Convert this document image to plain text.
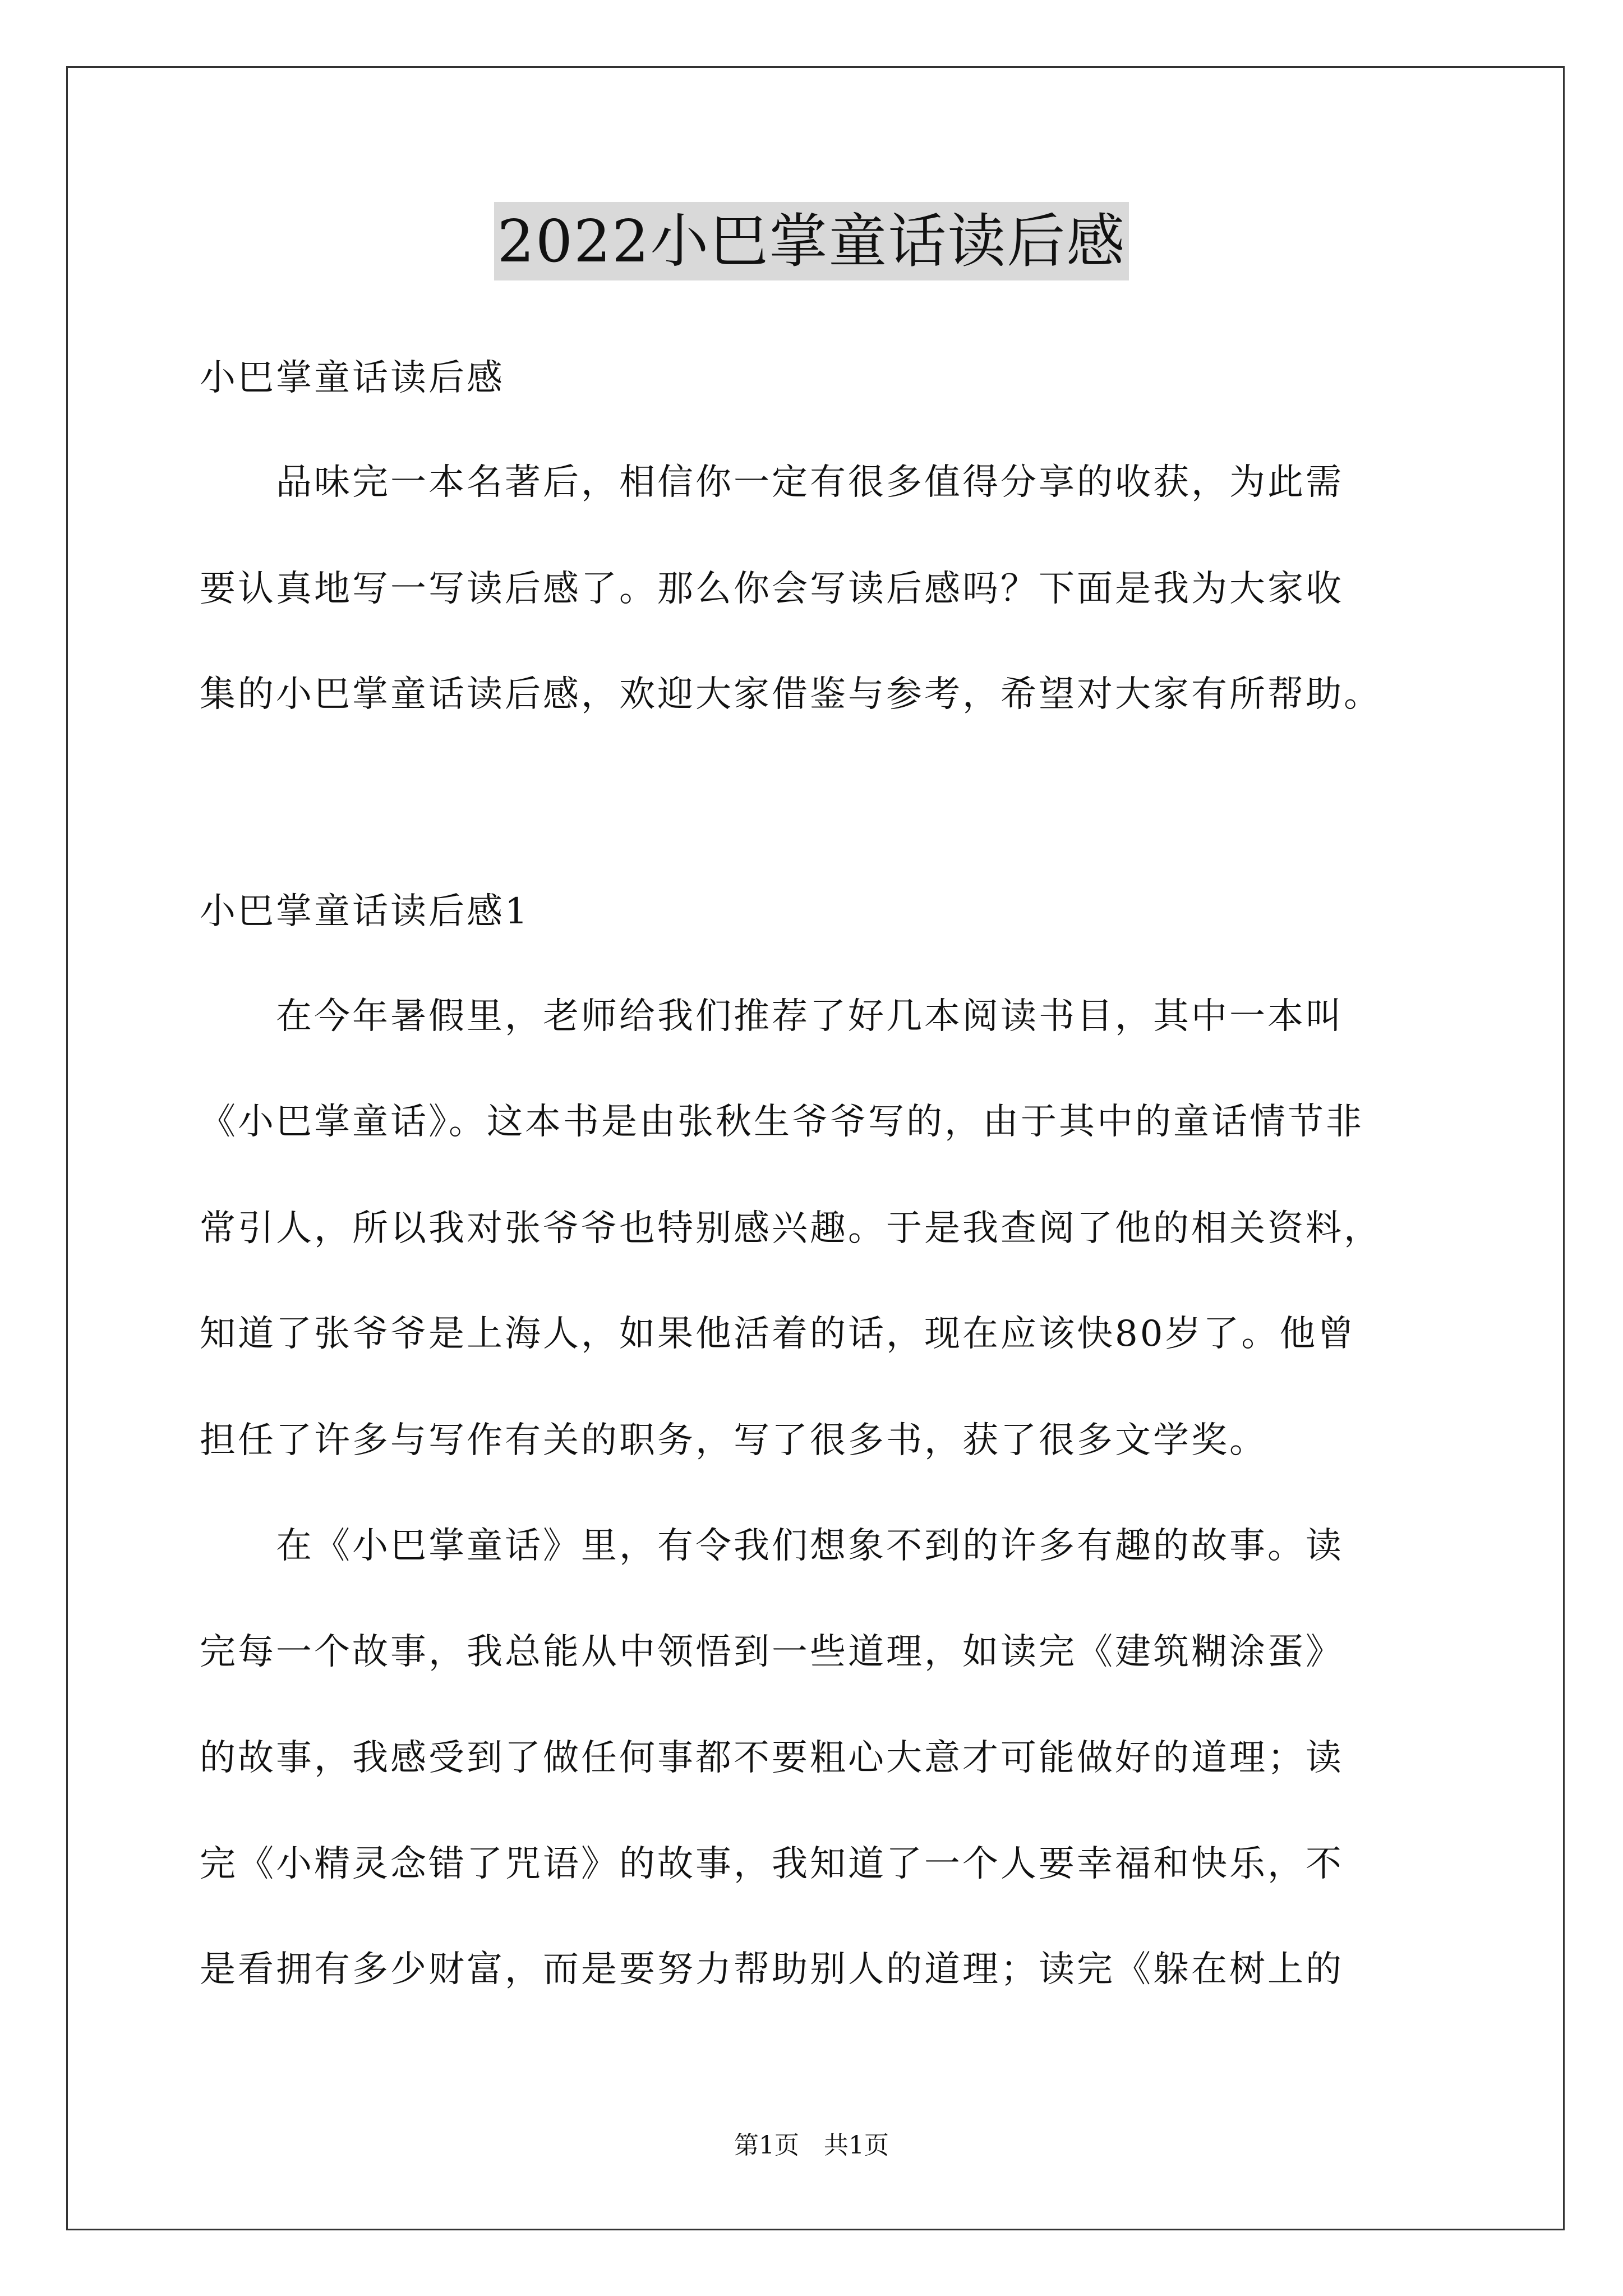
2022小巴掌童话读后感
小巴掌童话读后感
　　品味完一本名著后，相信你一定有很多值得分享的收获，为此需
要认真地写一写读后感了。那么你会写读后感吗？下面是我为大家收
集的小巴掌童话读后感，欢迎大家借鉴与参考，希望对大家有所帮助。
小巴掌童话读后感1
　　在今年暑假里，老师给我们推荐了好几本阅读书目，其中一本叫
《小巴掌童话》。这本书是由张秋生爷爷写的，由于其中的童话情节非
常引人，所以我对张爷爷也特别感兴趣。于是我查阅了他的相关资料，
知道了张爷爷是上海人，如果他活着的话，现在应该快80岁了。他曾
担任了许多与写作有关的职务，写了很多书，获了很多文学奖。
　　在《小巴掌童话》里，有令我们想象不到的许多有趣的故事。读
完每一个故事，我总能从中领悟到一些道理，如读完《建筑糊涂蛋》
的故事，我感受到了做任何事都不要粗心大意才可能做好的道理；读
完《小精灵念错了咒语》的故事，我知道了一个人要幸福和快乐，不
是看拥有多少财富，而是要努力帮助别人的道理；读完《躲在树上的
第1页　共1页
